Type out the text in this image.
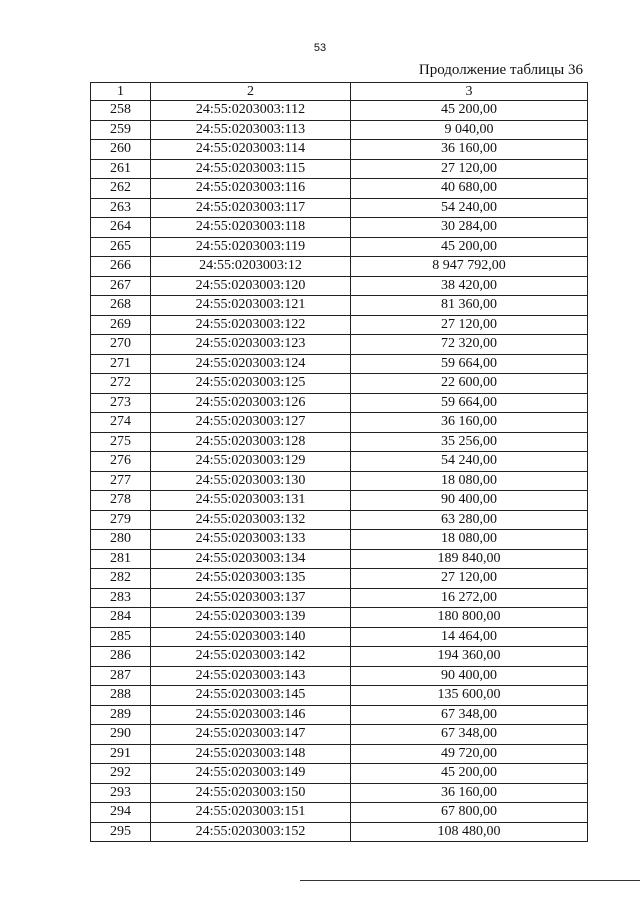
53
Продолжение таблицы 36
1	2	3
258	24:55:0203003:112	45 200,00
259	24:55:0203003:113	9 040,00
260	24:55:0203003:114	36 160,00
261	24:55:0203003:115	27 120,00
262	24:55:0203003:116	40 680,00
263	24:55:0203003:117	54 240,00
264	24:55:0203003:118	30 284,00
265	24:55:0203003:119	45 200,00
266	24:55:0203003:12	8 947 792,00
267	24:55:0203003:120	38 420,00
268	24:55:0203003:121	81 360,00
269	24:55:0203003:122	27 120,00
270	24:55:0203003:123	72 320,00
271	24:55:0203003:124	59 664,00
272	24:55:0203003:125	22 600,00
273	24:55:0203003:126	59 664,00
274	24:55:0203003:127	36 160,00
275	24:55:0203003:128	35 256,00
276	24:55:0203003:129	54 240,00
277	24:55:0203003:130	18 080,00
278	24:55:0203003:131	90 400,00
279	24:55:0203003:132	63 280,00
280	24:55:0203003:133	18 080,00
281	24:55:0203003:134	189 840,00
282	24:55:0203003:135	27 120,00
283	24:55:0203003:137	16 272,00
284	24:55:0203003:139	180 800,00
285	24:55:0203003:140	14 464,00
286	24:55:0203003:142	194 360,00
287	24:55:0203003:143	90 400,00
288	24:55:0203003:145	135 600,00
289	24:55:0203003:146	67 348,00
290	24:55:0203003:147	67 348,00
291	24:55:0203003:148	49 720,00
292	24:55:0203003:149	45 200,00
293	24:55:0203003:150	36 160,00
294	24:55:0203003:151	67 800,00
295	24:55:0203003:152	108 480,00
